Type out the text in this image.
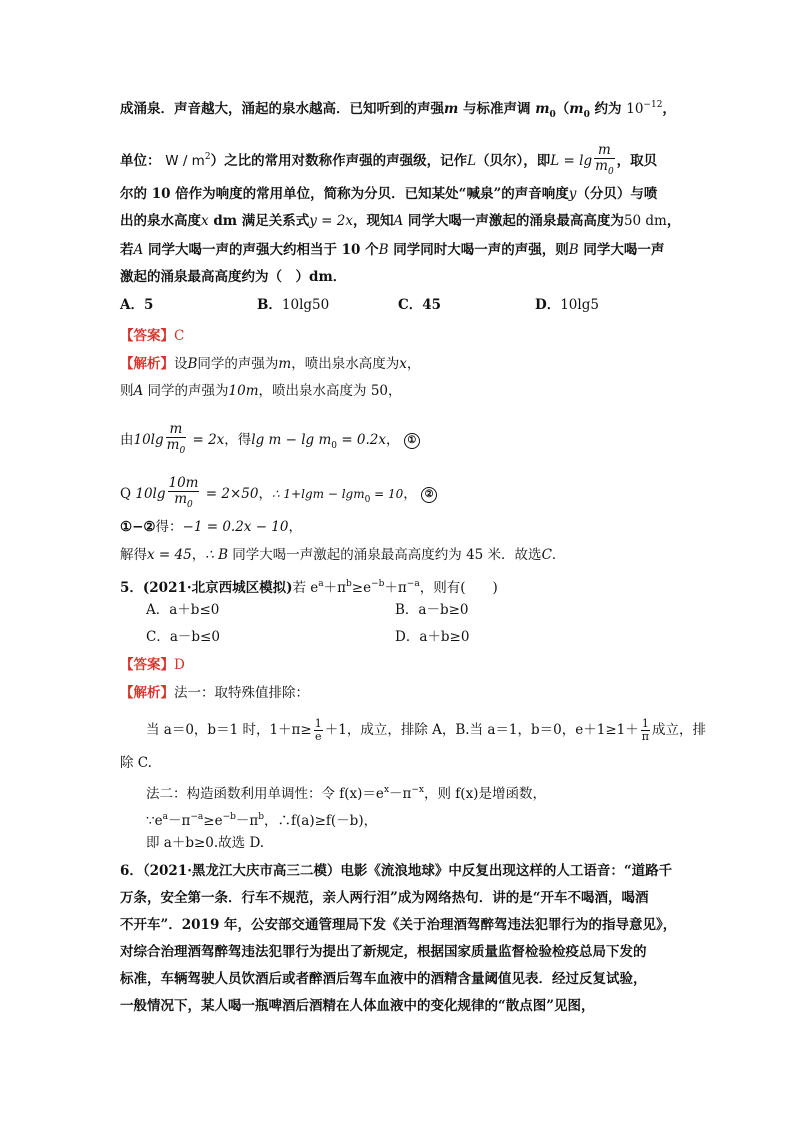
成涌泉．声音越大，涌起的泉水越高．已知听到的声强m 与标准声调 $m_0(m_0$ 约为 $10^{-12}$，
单位： W / $m^2$）之比的常用对数称作声强的声强级，记作L（贝尔），即$L = \lg \frac{m}{m_0}$ ，取贝
尔的 10 倍作为响度的常用单位，简称为分贝．已知某处“喊泉”的声音响度y（分贝）与喷
出的泉水高度x dm 满足关系式y = 2x，现知A 同学大喝一声激起的涌泉最高高度为50 dm，
若A 同学大喝一声的声强大约相当于 10 个B 同学同时大喝一声的声强，则B 同学大喝一声
激起的涌泉最高高度约为（　）dm．
A．5	B．10lg50	C．45	D．10lg5
【答案】C
【解析】设B同学的声强为m，喷出泉水高度为x，
则A 同学的声强为10m，喷出泉水高度为 50，
由$10\lg \frac{m}{m_0} = 2x$，得$\lg m - \lg m_0 = 0.2x$， ①
Q $10\lg \frac{10m}{m_0} = 2\times 50$，∴ 1+lgm − lgm$_0$ = 10， ②
①−②得：−1 = 0.2x − 10，
解得x = 45，∴ B 同学大喝一声激起的涌泉最高高度约为 45 米．故选C．
5．(2021·北京西城区模拟)若 $e^a+\pi^b\ge e^{-b}+\pi^{-a}$，则有(　　)
A．a＋b≤0	B．a－b≥0
C．a－b≤0	D．a＋b≥0
【答案】D
【解析】法一：取特殊值排除：
当 a＝0，b＝1 时，$1+\pi\ge \frac{1}{e} +1$，成立，排除 A，B.当 a＝1，b＝0，$e+1\ge 1+ \frac{1}{\pi}$ 成立，排
除 C.
法二：构造函数利用单调性：令 $f(x)=e^x-\pi^{-x}$，则 f(x)是增函数，
$\because e^a-\pi^{-a}\ge e^{-b}-\pi^b$，∴f(a)≥f(－b)，
即 a＋b≥0.故选 D.
6．（2021·黑龙江大庆市高三二模）电影《流浪地球》中反复出现这样的人工语音：“道路千
万条，安全第一条．行车不规范，亲人两行泪”成为网络热句．讲的是“开车不喝酒，喝酒
不开车”．2019 年，公安部交通管理局下发《关于治理酒驾醉驾违法犯罪行为的指导意见》，
对综合治理酒驾醉驾违法犯罪行为提出了新规定，根据国家质量监督检验检疫总局下发的
标准，车辆驾驶人员饮酒后或者醉酒后驾车血液中的酒精含量阈值见表．经过反复试验，
一般情况下，某人喝一瓶啤酒后酒精在人体血液中的变化规律的“散点图”见图，
